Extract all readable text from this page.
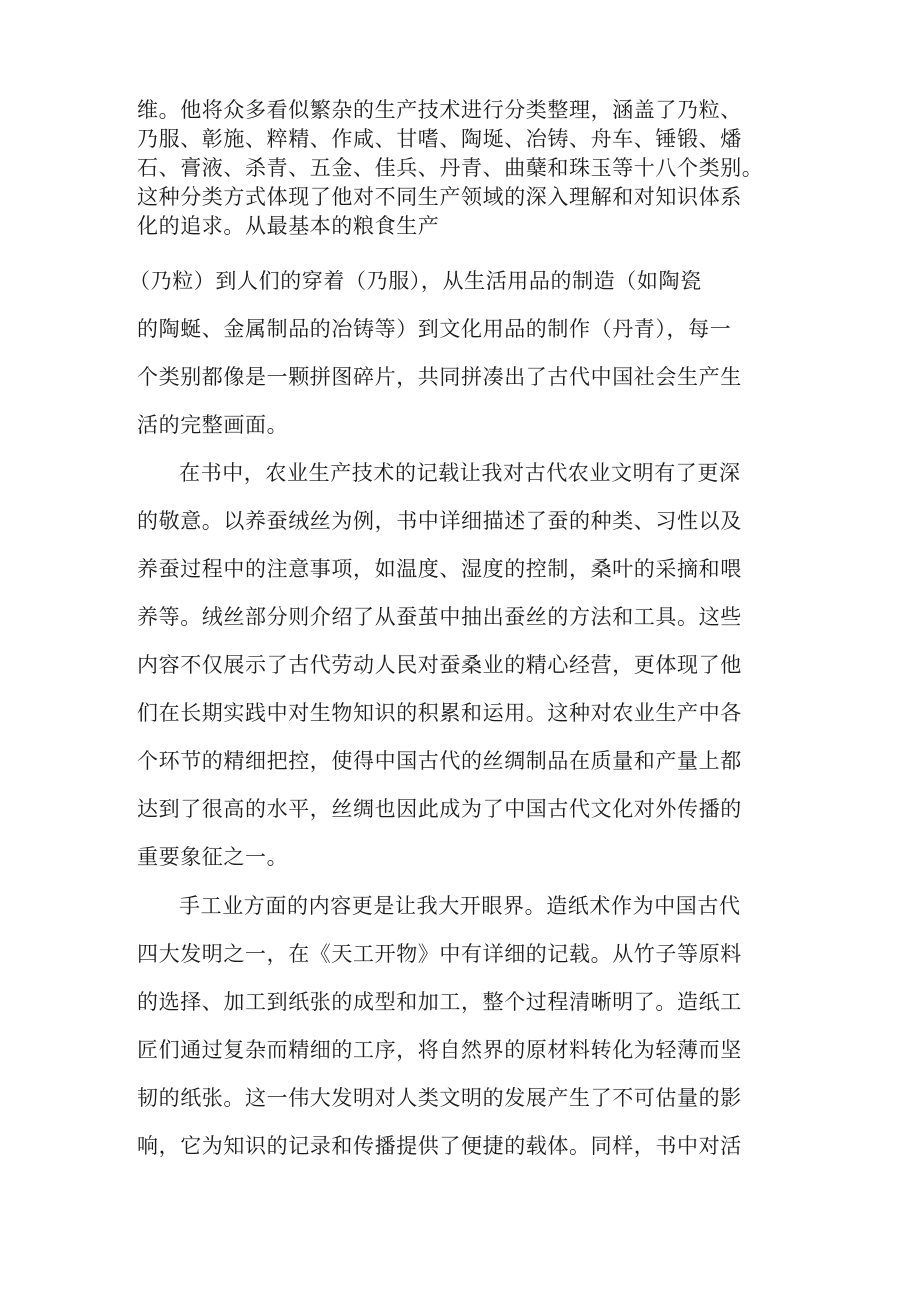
维。他将众多看似繁杂的生产技术进行分类整理，涵盖了乃粒、
乃服、彰施、粹精、作咸、甘嗜、陶埏、冶铸、舟车、锤锻、燔
石、膏液、杀青、五金、佳兵、丹青、曲蘖和珠玉等十八个类别。
这种分类方式体现了他对不同生产领域的深入理解和对知识体系
化的追求。从最基本的粮食生产
（乃粒）到人们的穿着（乃服），从生活用品的制造（如陶瓷
的陶蜒、金属制品的冶铸等）到文化用品的制作（丹青），每一
个类别都像是一颗拼图碎片，共同拼凑出了古代中国社会生产生
活的完整画面。
在书中，农业生产技术的记载让我对古代农业文明有了更深
的敬意。以养蚕绒丝为例，书中详细描述了蚕的种类、习性以及
养蚕过程中的注意事项，如温度、湿度的控制，桑叶的采摘和喂
养等。绒丝部分则介绍了从蚕茧中抽出蚕丝的方法和工具。这些
内容不仅展示了古代劳动人民对蚕桑业的精心经营，更体现了他
们在长期实践中对生物知识的积累和运用。这种对农业生产中各
个环节的精细把控，使得中国古代的丝绸制品在质量和产量上都
达到了很高的水平，丝绸也因此成为了中国古代文化对外传播的
重要象征之一。
手工业方面的内容更是让我大开眼界。造纸术作为中国古代
四大发明之一，在《天工开物》中有详细的记载。从竹子等原料
的选择、加工到纸张的成型和加工，整个过程清晰明了。造纸工
匠们通过复杂而精细的工序，将自然界的原材料转化为轻薄而坚
韧的纸张。这一伟大发明对人类文明的发展产生了不可估量的影
响，它为知识的记录和传播提供了便捷的载体。同样，书中对活
